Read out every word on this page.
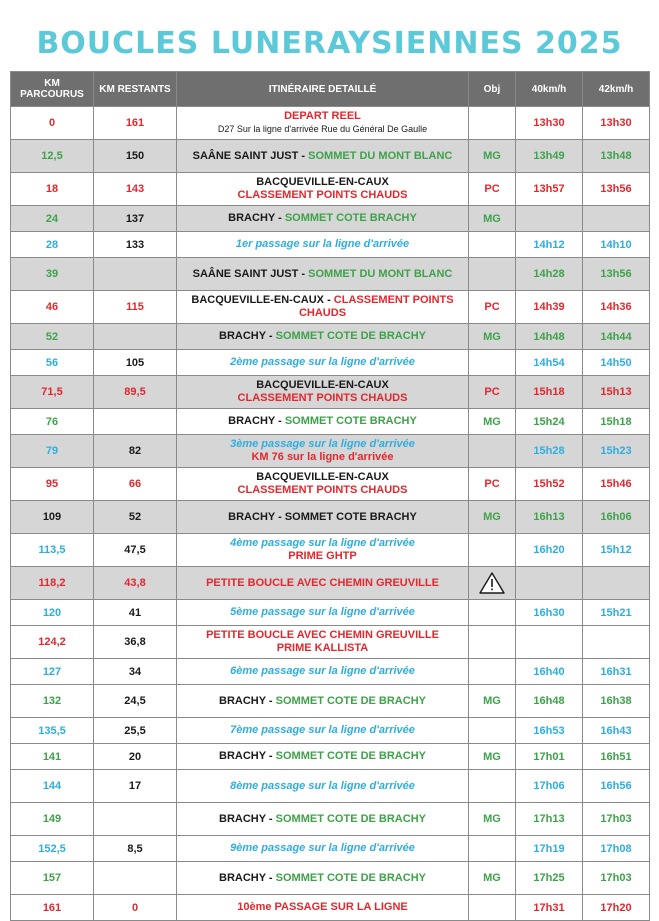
BOUCLES LUNERAYSIENNES 2025
KM PARCOURUS	KM RESTANTS	ITINÉRAIRE DETAILLÉ	Obj	40km/h	42km/h
0	161	DEPART REEL
D27 Sur la ligne d'arrivée Rue du Général De Gaulle		13h30	13h30
12,5	150	SAÂNE SAINT JUST - SOMMET DU MONT BLANC	MG	13h49	13h48
18	143	BACQUEVILLE-EN-CAUX
CLASSEMENT POINTS CHAUDS	PC	13h57	13h56
24	137	BRACHY - SOMMET COTE BRACHY	MG		
28	133	1er passage sur la ligne d'arrivée		14h12	14h10
39		SAÂNE SAINT JUST - SOMMET DU MONT BLANC		14h28	13h56
46	115	BACQUEVILLE-EN-CAUX - CLASSEMENT POINTS CHAUDS	PC	14h39	14h36
52		BRACHY - SOMMET COTE DE BRACHY	MG	14h48	14h44
56	105	2ème passage sur la ligne d'arrivée		14h54	14h50
71,5	89,5	BACQUEVILLE-EN-CAUX
CLASSEMENT POINTS CHAUDS	PC	15h18	15h13
76		BRACHY - SOMMET COTE BRACHY	MG	15h24	15h18
79	82	3ème passage sur la ligne d'arrivée
KM 76 sur la ligne d'arrivée		15h28	15h23
95	66	BACQUEVILLE-EN-CAUX
CLASSEMENT POINTS CHAUDS	PC	15h52	15h46
109	52	BRACHY - SOMMET COTE BRACHY	MG	16h13	16h06
113,5	47,5	4ème passage sur la ligne d'arrivée
PRIME GHTP		16h20	15h12
118,2	43,8	PETITE BOUCLE AVEC CHEMIN GREUVILLE	

120	41	5ème passage sur la ligne d'arrivée		16h30	15h21
124,2	36,8	PETITE BOUCLE AVEC CHEMIN GREUVILLE
PRIME KALLISTA			
127	34	6ème passage sur la ligne d'arrivée		16h40	16h31
132	24,5	BRACHY - SOMMET COTE DE BRACHY	MG	16h48	16h38
135,5	25,5	7ème passage sur la ligne d'arrivée		16h53	16h43
141	20	BRACHY - SOMMET COTE DE BRACHY	MG	17h01	16h51
144	17	8ème passage sur la ligne d'arrivée		17h06	16h56
149		BRACHY - SOMMET COTE DE BRACHY	MG	17h13	17h03
152,5	8,5	9ème passage sur la ligne d'arrivée		17h19	17h08
157		BRACHY - SOMMET COTE DE BRACHY	MG	17h25	17h03
161	0	10ème PASSAGE SUR LA LIGNE		17h31	17h20
